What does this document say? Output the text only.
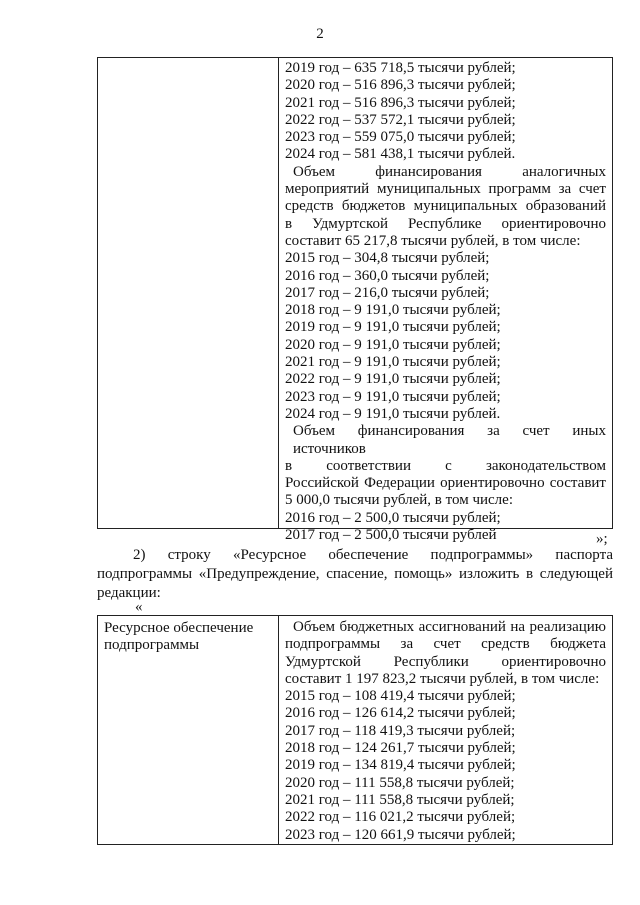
2
2019 год – 635 718,5 тысячи рублей;
2020 год – 516 896,3 тысячи рублей;
2021 год – 516 896,3 тысячи рублей;
2022 год – 537 572,1 тысячи рублей;
2023 год – 559 075,0 тысячи рублей;
2024 год – 581 438,1 тысячи рублей.
Объем финансирования аналогичных
мероприятий муниципальных программ за счет
средств бюджетов муниципальных образований
в Удмуртской Республике ориентировочно
составит 65 217,8 тысячи рублей, в том числе:
2015 год – 304,8 тысячи рублей;
2016 год – 360,0 тысячи рублей;
2017 год – 216,0 тысячи рублей;
2018 год – 9 191,0 тысячи рублей;
2019 год – 9 191,0 тысячи рублей;
2020 год – 9 191,0 тысячи рублей;
2021 год – 9 191,0 тысячи рублей;
2022 год – 9 191,0 тысячи рублей;
2023 год – 9 191,0 тысячи рублей;
2024 год – 9 191,0 тысячи рублей.
Объем финансирования за счет иных источников
в соответствии с законодательством
Российской Федерации ориентировочно составит
5 000,0 тысячи рублей, в том числе:
2016 год – 2 500,0 тысячи рублей;
2017 год – 2 500,0 тысячи рублей	»;
2) строку «Ресурсное обеспечение подпрограммы» паспорта
подпрограммы «Предупреждение, спасение, помощь» изложить в следующей
редакции:
«
Ресурсное обеспечение
подпрограммы
Объем бюджетных ассигнований на реализацию
подпрограммы за счет средств бюджета
Удмуртской Республики ориентировочно
составит 1 197 823,2 тысячи рублей, в том числе:
2015 год – 108 419,4 тысячи рублей;
2016 год – 126 614,2 тысячи рублей;
2017 год – 118 419,3 тысячи рублей;
2018 год – 124 261,7 тысячи рублей;
2019 год – 134 819,4 тысячи рублей;
2020 год – 111 558,8 тысячи рублей;
2021 год – 111 558,8 тысячи рублей;
2022 год – 116 021,2 тысячи рублей;
2023 год – 120 661,9 тысячи рублей;
